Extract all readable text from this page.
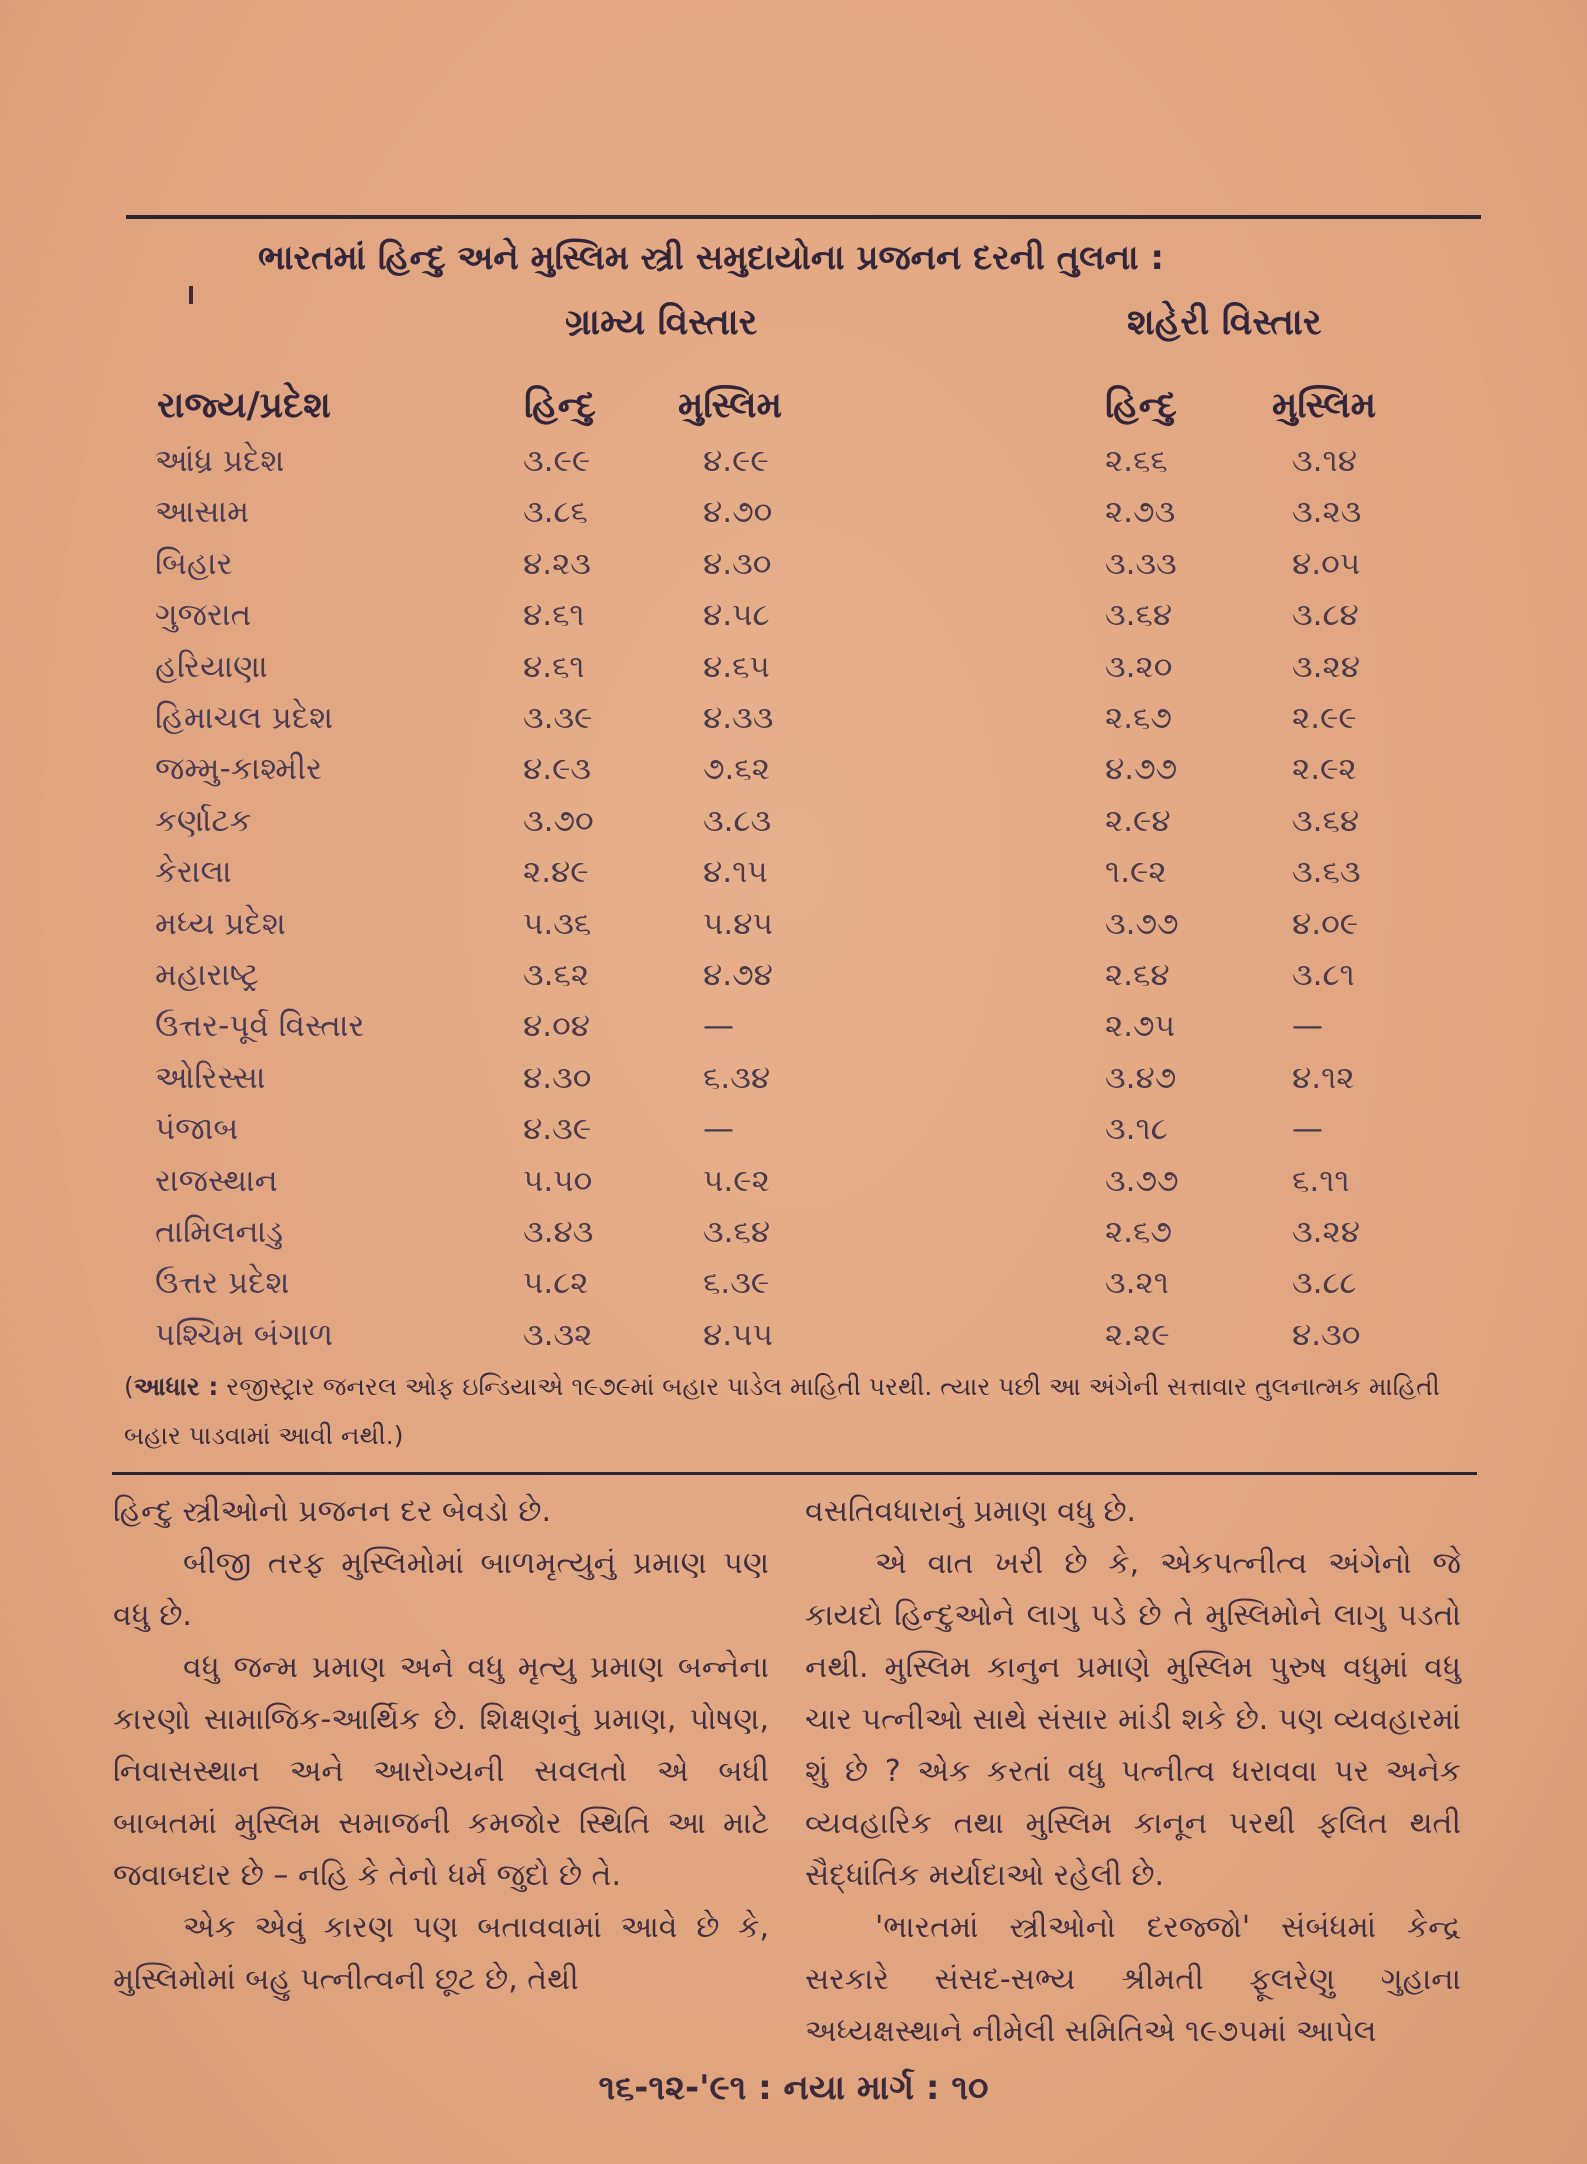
ભારતમાં હિન્દુ અને મુસ્લિમ સ્ત્રી સમુદાયોના પ્રજનન દરની તુલના :
ગ્રામ્ય વિસ્તાર	શહેરી વિસ્તાર
રાજ્ય/પ્રદેશ	હિન્દુ મુસ્લિમ	હિન્દુ	મુસ્લિમ
આંધ્ર પ્રદેશ	૩.૯૯	૪.૯૯	૨.૬૬	૩.૧૪
આસામ	૩.૮૬	૪.૭૦	૨.૭૩	૩.૨૩
બિહાર	૪.૨૩	૪.૩૦	૩.૩૩	૪.૦૫
ગુજરાત	૪.૬૧	૪.૫૮	૩.૬૪	૩.૮૪
હરિયાણા	૪.૬૧	૪.૬૫	૩.૨૦	૩.૨૪
હિમાચલ પ્રદેશ	૩.૩૯	૪.૩૩	૨.૬૭	૨.૯૯
જમ્મુ-કાશ્મીર	૪.૯૩	૭.૬૨	૪.૭૭	૨.૯૨
કર્ણાટક	૩.૭૦	૩.૮૩	૨.૯૪	૩.૬૪
કેરાલા	૨.૪૯	૪.૧૫	૧.૯૨	૩.૬૩
મધ્ય પ્રદેશ	૫.૩૬	૫.૪૫	૩.૭૭	૪.૦૯
મહારાષ્ટ્ર	૩.૬૨	૪.૭૪	૨.૬૪	૩.૮૧
ઉત્તર-પૂર્વ વિસ્તાર	૪.૦૪	—	૨.૭૫	—
ઓરિસ્સા	૪.૩૦	૬.૩૪	૩.૪૭	૪.૧૨
પંજાબ	૪.૩૯	—	૩.૧૮	—
રાજસ્થાન	૫.૫૦	૫.૯૨	૩.૭૭	૬.૧૧
તામિલનાડુ	૩.૪૩	૩.૬૪	૨.૬૭	૩.૨૪
ઉત્તર પ્રદેશ	૫.૮૨	૬.૩૯	૩.૨૧	૩.૮૮
પશ્ચિમ બંગાળ	૩.૩૨	૪.૫૫	૨.૨૯	૪.૩૦
(આધાર : રજીસ્ટ્રાર જનરલ ઓફ ઇન્ડિયાએ ૧૯૭૯માં બહાર પાડેલ માહિતી પરથી. ત્યાર પછી આ અંગેની સત્તાવાર તુલનાત્મક માહિતી બહાર પાડવામાં આવી નથી.)

હિન્દુ સ્ત્રીઓનો પ્રજનન દર બેવડો છે.

બીજી તરફ મુસ્લિમોમાં બાળમૃત્યુનું પ્રમાણ પણ વધુ છે.

વધુ જન્મ પ્રમાણ અને વધુ મૃત્યુ પ્રમાણ બન્નેના કારણો સામાજિક-આર્થિક છે. શિક્ષણનું પ્રમાણ, પોષણ, નિવાસસ્થાન અને આરોગ્યની સવલતો એ બધી બાબતમાં મુસ્લિમ સમાજની કમજોર સ્થિતિ આ માટે જવાબદાર છે – નહિ કે તેનો ધર્મ જુદો છે તે.

એક એવું કારણ પણ બતાવવામાં આવે છે કે, મુસ્લિમોમાં બહુ પત્નીત્વની છૂટ છે, તેથી

વસતિવધારાનું પ્રમાણ વધુ છે.

એ વાત ખરી છે કે, એકપત્નીત્વ અંગેનો જે કાયદો હિન્દુઓને લાગુ પડે છે તે મુસ્લિમોને લાગુ પડતો નથી. મુસ્લિમ કાનુન પ્રમાણે મુસ્લિમ પુરુષ વધુમાં વધુ ચાર પત્નીઓ સાથે સંસાર માંડી શકે છે. પણ વ્યવહારમાં શું છે ? એક કરતાં વધુ પત્નીત્વ ધરાવવા પર અનેક વ્યવહારિક તથા મુસ્લિમ કાનૂન પરથી ફલિત થતી સૈદ્ધાંતિક મર્યાદાઓ રહેલી છે.

'ભારતમાં સ્ત્રીઓનો દરજ્જો' સંબંધમાં કેન્દ્ર સરકારે સંસદ-સભ્ય શ્રીમતી ફૂલરેણુ ગુહાના અધ્યક્ષસ્થાને નીમેલી સમિતિએ ૧૯૭૫માં આપેલ

૧૬-૧૨-'૯૧ : નયા માર્ગ : ૧૦
